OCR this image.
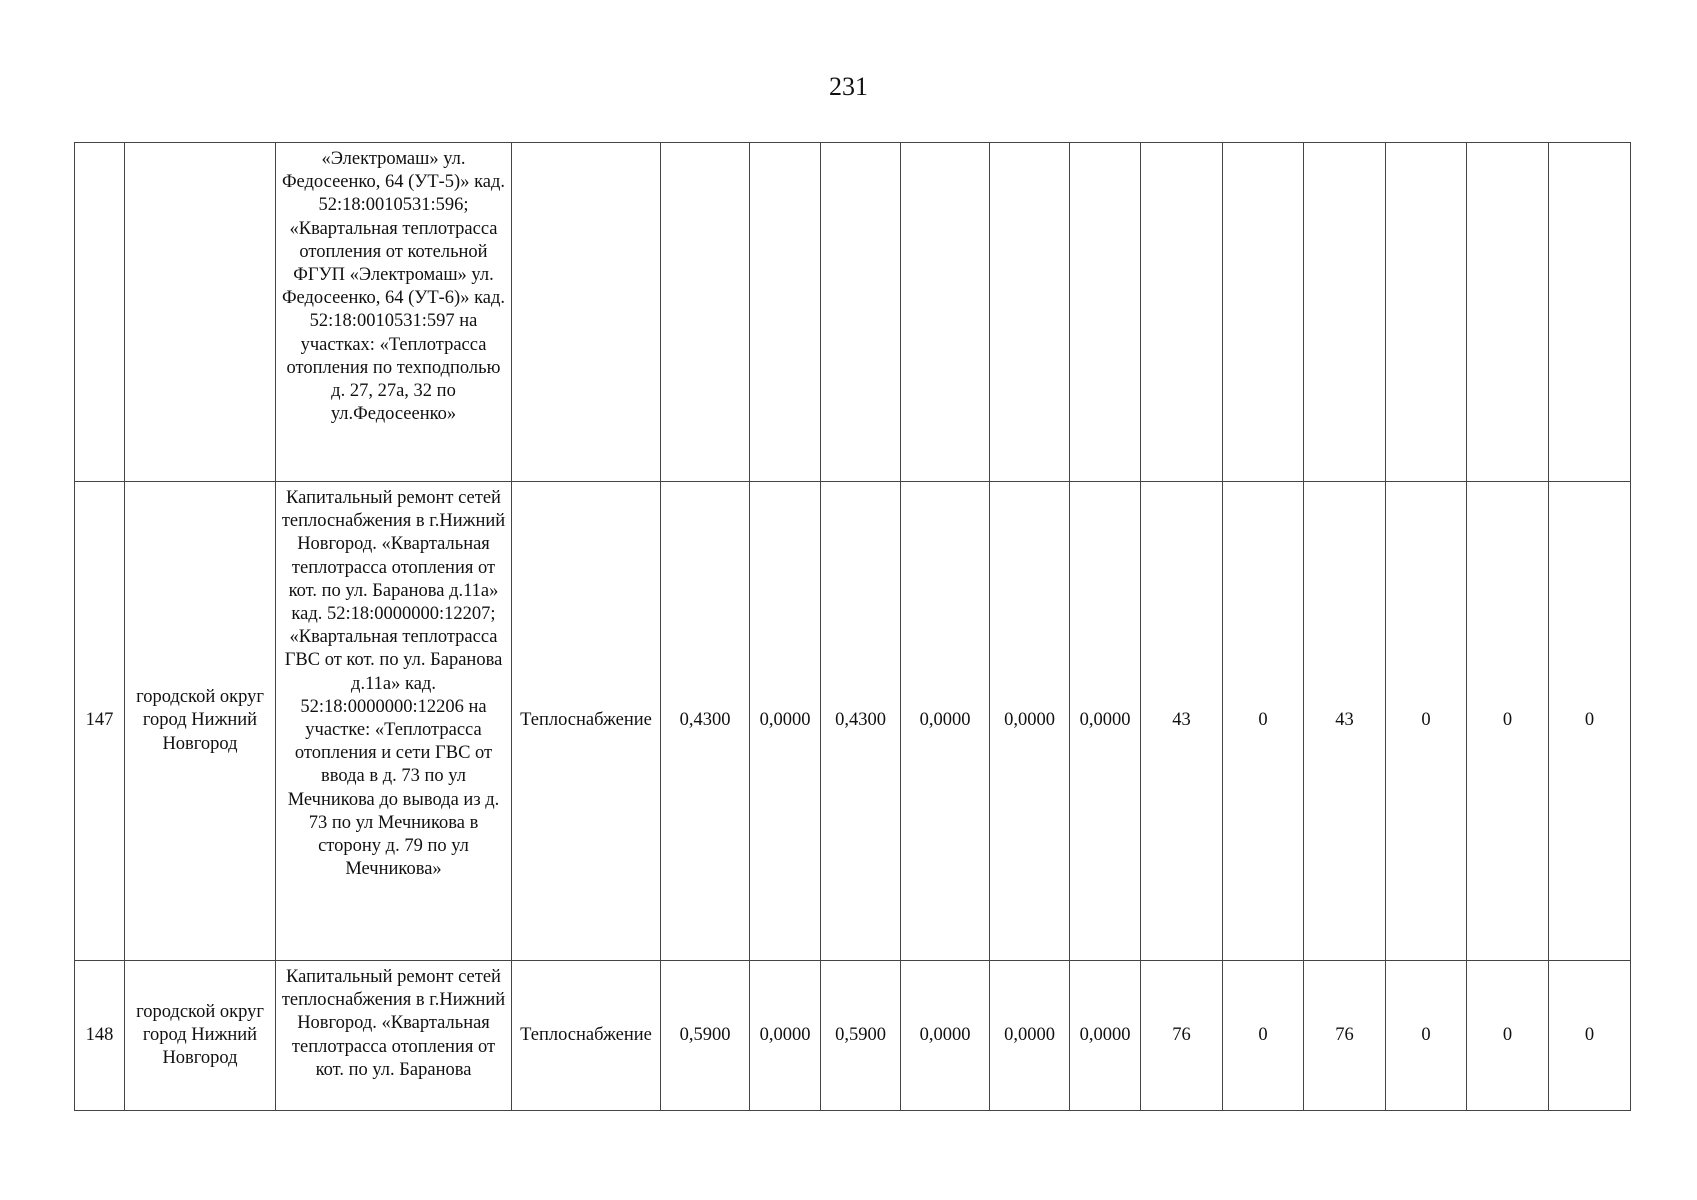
231
		«Электромаш» ул. Федосеенко, 64 (УТ-5)» кад. 52:18:0010531:596; «Квартальная теплотрасса отопления от котельной ФГУП «Электромаш» ул. Федосеенко, 64 (УТ-6)» кад. 52:18:0010531:597 на участках: «Теплотрасса отопления по техподполью д. 27, 27а, 32 по ул.Федосеенко»													
147	городской округ город Нижний Новгород	Капитальный ремонт сетей теплоснабжения в г.Нижний Новгород. «Квартальная теплотрасса отопления от кот. по ул. Баранова д.11а» кад. 52:18:0000000:12207; «Квартальная теплотрасса ГВС от кот. по ул. Баранова д.11а» кад. 52:18:0000000:12206 на участке: «Теплотрасса отопления и сети ГВС от ввода в д. 73 по ул Мечникова до вывода из д. 73 по ул Мечникова в сторону д. 79 по ул Мечникова»	Теплоснабжение	0,4300	0,0000	0,4300	0,0000	0,0000	0,0000	43	0	43	0	0	0
148	городской округ город Нижний Новгород	Капитальный ремонт сетей теплоснабжения в г.Нижний Новгород. «Квартальная теплотрасса отопления от кот. по ул. Баранова	Теплоснабжение	0,5900	0,0000	0,5900	0,0000	0,0000	0,0000	76	0	76	0	0	0
